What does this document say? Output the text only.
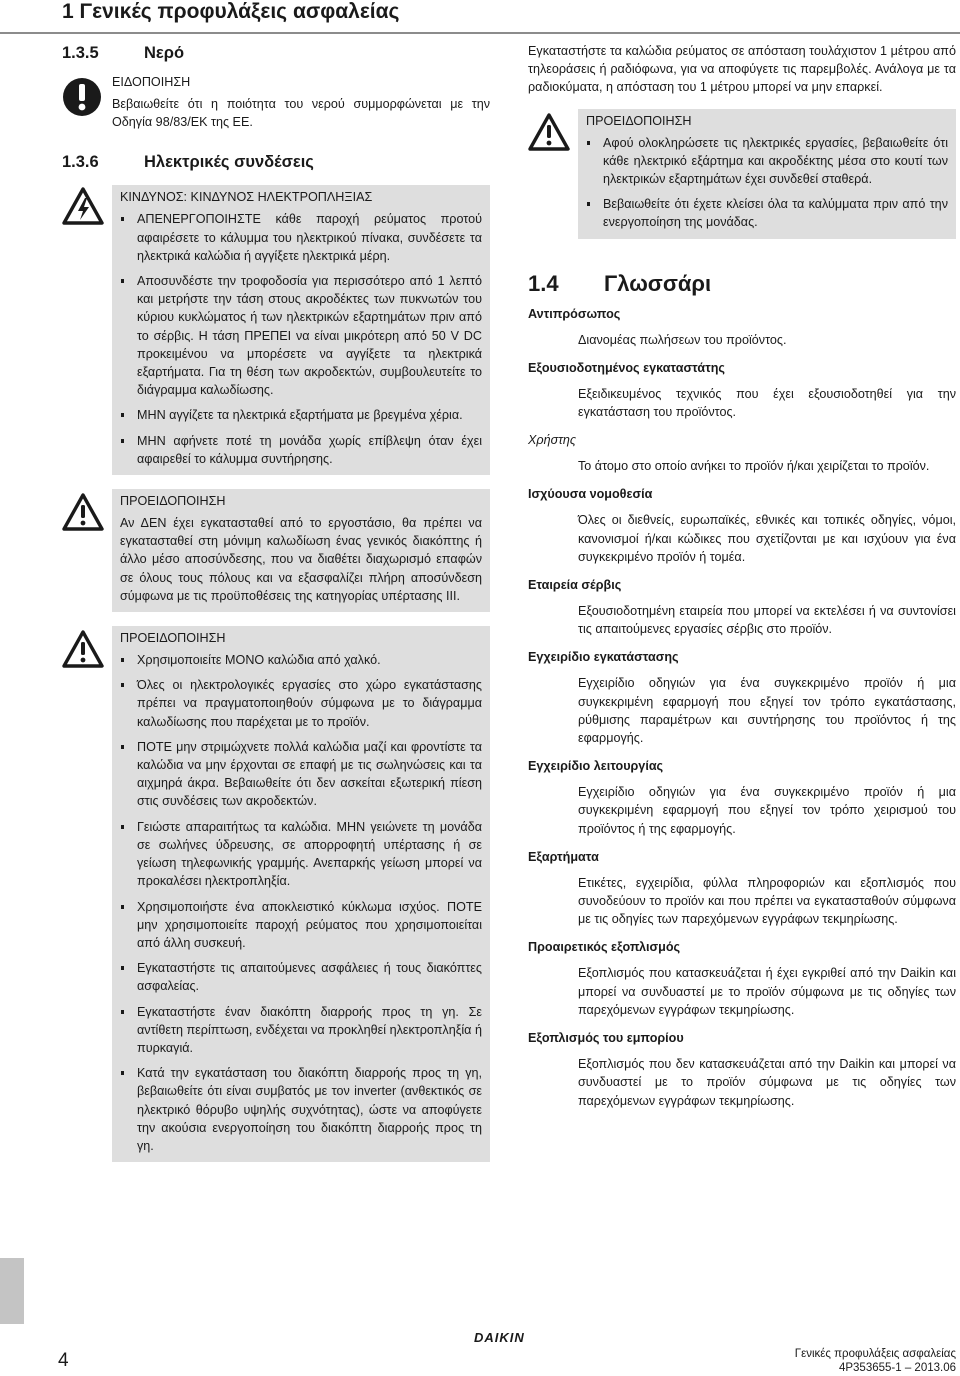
1 Γενικές προφυλάξεις ασφαλείας
1.3.5	Νερό
ΕΙΔΟΠΟΙΗΣΗ

Βεβαιωθείτε ότι η ποιότητα του νερού συμμορφώνεται με την Οδηγία 98/83/ΕΚ της ΕΕ.

1.3.6	Ηλεκτρικές συνδέσεις
ΚΙΝΔΥΝΟΣ: ΚΙΝΔΥΝΟΣ ΗΛΕΚΤΡΟΠΛΗΞΙΑΣ
ΑΠΕΝΕΡΓΟΠΟΙΗΣΤΕ κάθε παροχή ρεύματος προτού αφαιρέσετε το κάλυμμα του ηλεκτρικού πίνακα, συνδέσετε τα ηλεκτρικά καλώδια ή αγγίξετε ηλεκτρικά μέρη.
Αποσυνδέστε την τροφοδοσία για περισσότερο από 1 λεπτό και μετρήστε την τάση στους ακροδέκτες των πυκνωτών του κύριου κυκλώματος ή των ηλεκτρικών εξαρτημάτων πριν από το σέρβις. Η τάση ΠΡΕΠΕΙ να είναι μικρότερη από 50 V DC προκειμένου να μπορέσετε να αγγίξετε τα ηλεκτρικά εξαρτήματα. Για τη θέση των ακροδεκτών, συμβουλευτείτε το διάγραμμα καλωδίωσης.
ΜΗΝ αγγίζετε τα ηλεκτρικά εξαρτήματα με βρεγμένα χέρια.
ΜΗΝ αφήνετε ποτέ τη μονάδα χωρίς επίβλεψη όταν έχει αφαιρεθεί το κάλυμμα συντήρησης.
ΠΡΟΕΙΔΟΠΟΙΗΣΗ

Αν ΔΕΝ έχει εγκατασταθεί από το εργοστάσιο, θα πρέπει να εγκατασταθεί στη μόνιμη καλωδίωση ένας γενικός διακόπτης ή άλλο μέσο αποσύνδεσης, που να διαθέτει διαχωρισμό επαφών σε όλους τους πόλους και να εξασφαλίζει πλήρη αποσύνδεση σύμφωνα με τις προϋποθέσεις της κατηγορίας υπέρτασης III.

ΠΡΟΕΙΔΟΠΟΙΗΣΗ
Χρησιμοποιείτε ΜΟΝΟ καλώδια από χαλκό.
Όλες οι ηλεκτρολογικές εργασίες στο χώρο εγκατάστασης πρέπει να πραγματοποιηθούν σύμφωνα με το διάγραμμα καλωδίωσης που παρέχεται με το προϊόν.
ΠΟΤΕ μην στριμώχνετε πολλά καλώδια μαζί και φροντίστε τα καλώδια να μην έρχονται σε επαφή με τις σωληνώσεις και τα αιχμηρά άκρα. Βεβαιωθείτε ότι δεν ασκείται εξωτερική πίεση στις συνδέσεις των ακροδεκτών.
Γειώστε απαραιτήτως τα καλώδια. ΜΗΝ γειώνετε τη μονάδα σε σωλήνες ύδρευσης, σε απορροφητή υπέρτασης ή σε γείωση τηλεφωνικής γραμμής. Ανεπαρκής γείωση μπορεί να προκαλέσει ηλεκτροπληξία.
Χρησιμοποιήστε ένα αποκλειστικό κύκλωμα ισχύος. ΠΟΤΕ μην χρησιμοποιείτε παροχή ρεύματος που χρησιμοποιείται από άλλη συσκευή.
Εγκαταστήστε τις απαιτούμενες ασφάλειες ή τους διακόπτες ασφαλείας.
Εγκαταστήστε έναν διακόπτη διαρροής προς τη γη. Σε αντίθετη περίπτωση, ενδέχεται να προκληθεί ηλεκτροπληξία ή πυρκαγιά.
Κατά την εγκατάσταση του διακόπτη διαρροής προς τη γη, βεβαιωθείτε ότι είναι συμβατός με τον inverter (ανθεκτικός σε ηλεκτρικό θόρυβο υψηλής συχνότητας), ώστε να αποφύγετε την ακούσια ενεργοποίηση του διακόπτη διαρροής προς τη γη.

Εγκαταστήστε τα καλώδια ρεύματος σε απόσταση τουλάχιστον 1 μέτρου από τηλεοράσεις ή ραδιόφωνα, για να αποφύγετε τις παρεμβολές. Ανάλογα με τα ραδιοκύματα, η απόσταση του 1 μέτρου μπορεί να μην επαρκεί.

ΠΡΟΕΙΔΟΠΟΙΗΣΗ
Αφού ολοκληρώσετε τις ηλεκτρικές εργασίες, βεβαιωθείτε ότι κάθε ηλεκτρικό εξάρτημα και ακροδέκτης μέσα στο κουτί των ηλεκτρικών εξαρτημάτων έχει συνδεθεί σταθερά.
Βεβαιωθείτε ότι έχετε κλείσει όλα τα καλύμματα πριν από την ενεργοποίηση της μονάδας.
1.4	Γλωσσάρι

Αντιπρόσωπος

Διανομέας πωλήσεων του προϊόντος.

Εξουσιοδοτημένος εγκαταστάτης

Εξειδικευμένος τεχνικός που έχει εξουσιοδοτηθεί για την εγκατάσταση του προϊόντος.

Χρήστης

Το άτομο στο οποίο ανήκει το προϊόν ή/και χειρίζεται το προϊόν.

Ισχύουσα νομοθεσία

Όλες οι διεθνείς, ευρωπαϊκές, εθνικές και τοπικές οδηγίες, νόμοι, κανονισμοί ή/και κώδικες που σχετίζονται με και ισχύουν για ένα συγκεκριμένο προϊόν ή τομέα.

Εταιρεία σέρβις

Εξουσιοδοτημένη εταιρεία που μπορεί να εκτελέσει ή να συντονίσει τις απαιτούμενες εργασίες σέρβις στο προϊόν.

Εγχειρίδιο εγκατάστασης

Εγχειρίδιο οδηγιών για ένα συγκεκριμένο προϊόν ή μια συγκεκριμένη εφαρμογή που εξηγεί τον τρόπο εγκατάστασης, ρύθμισης παραμέτρων και συντήρησης του προϊόντος ή της εφαρμογής.

Εγχειρίδιο λειτουργίας

Εγχειρίδιο οδηγιών για ένα συγκεκριμένο προϊόν ή μια συγκεκριμένη εφαρμογή που εξηγεί τον τρόπο χειρισμού του προϊόντος ή της εφαρμογής.

Εξαρτήματα

Ετικέτες, εγχειρίδια, φύλλα πληροφοριών και εξοπλισμός που συνοδεύουν το προϊόν και που πρέπει να εγκατασταθούν σύμφωνα με τις οδηγίες των παρεχόμενων εγγράφων τεκμηρίωσης.

Προαιρετικός εξοπλισμός

Εξοπλισμός που κατασκευάζεται ή έχει εγκριθεί από την Daikin και μπορεί να συνδυαστεί με το προϊόν σύμφωνα με τις οδηγίες των παρεχόμενων εγγράφων τεκμηρίωσης.

Εξοπλισμός του εμπορίου

Εξοπλισμός που δεν κατασκευάζεται από την Daikin και μπορεί να συνδυαστεί με το προϊόν σύμφωνα με τις οδηγίες των παρεχόμενων εγγράφων τεκμηρίωσης.

4
DAIKIN
Γενικές προφυλάξεις ασφαλείας
4P353655-1 – 2013.06
